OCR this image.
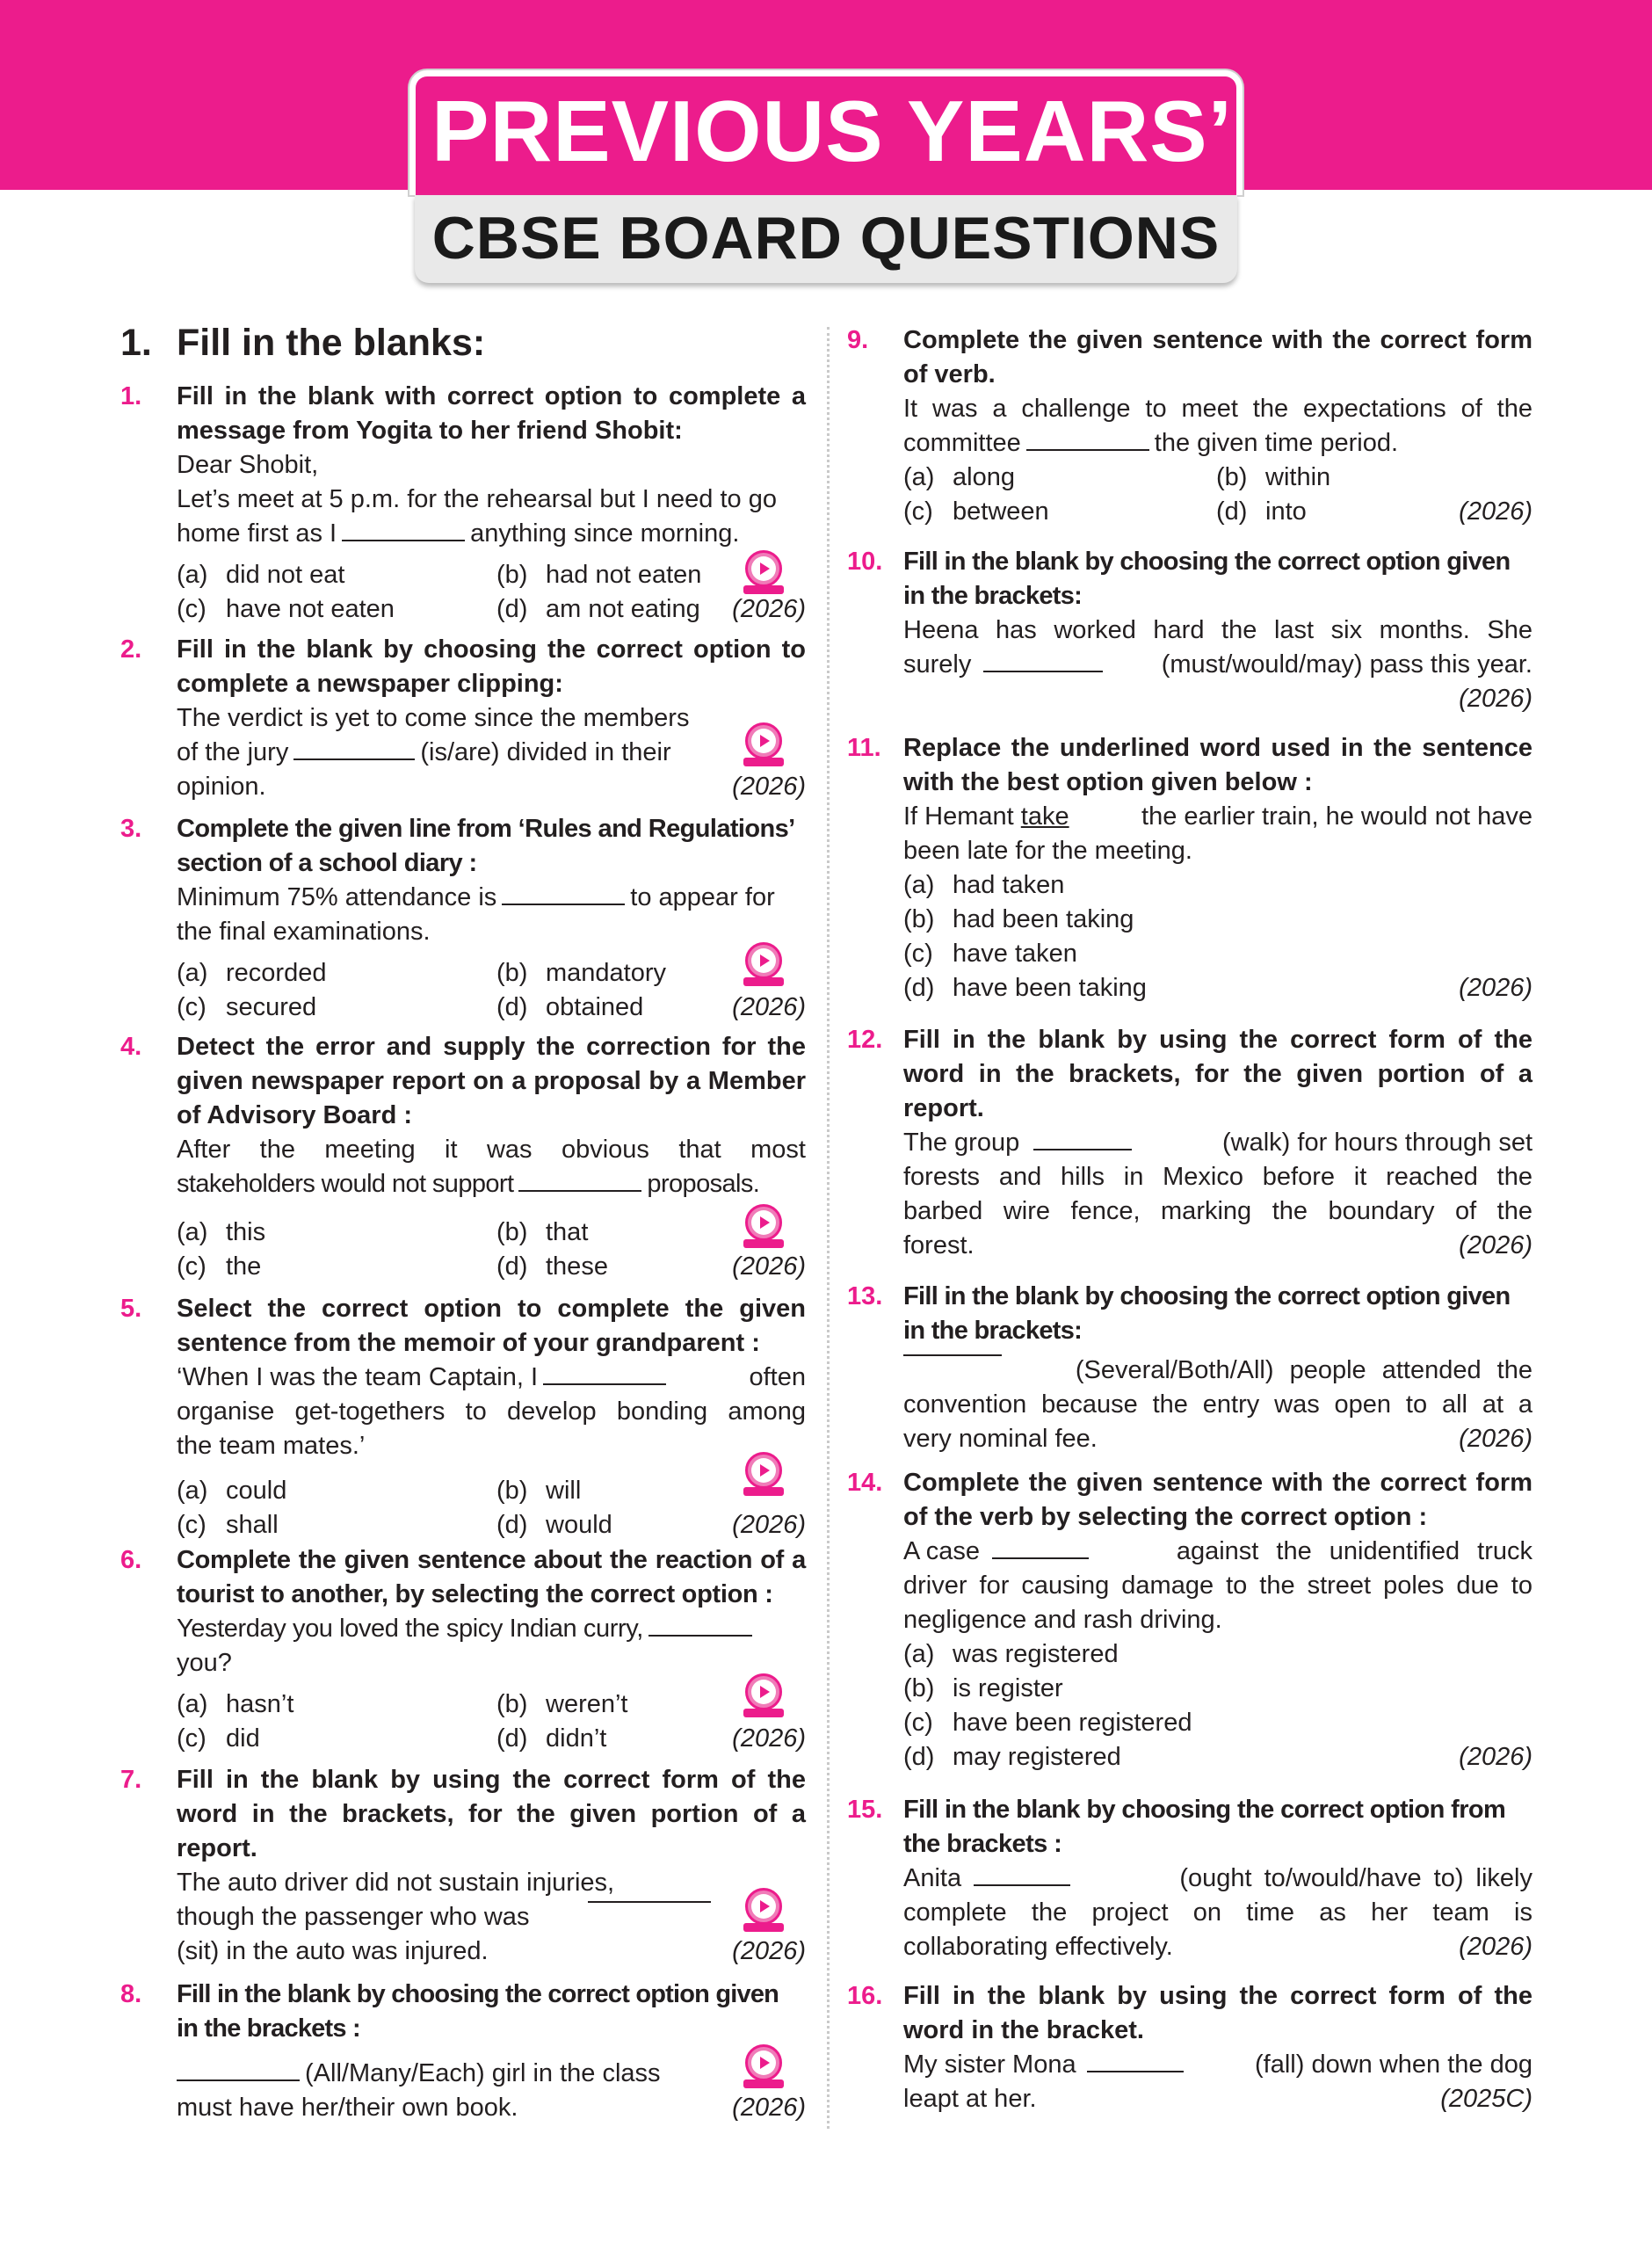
PREVIOUS YEARS’
CBSE BOARD QUESTIONS
1. Fill in the blanks:
1. Fill in the blank with correct option to complete a message from Yogita to her friend Shobit:

Dear Shobit,

Let’s meet at 5 p.m. for the rehearsal but I need to go

home first as I	anything since morning.

(a) did not eat	(b) had not eaten
(c) have not eaten	(d) am not eating (2026)
2. Fill in the blank by choosing the correct option to complete a newspaper clipping:

The verdict is yet to come since the members

of the jury	(is/are) divided in their

opinion.	(2026)

3. Complete the given line from ‘Rules and Regulations’ section of a school diary :

Minimum 75% attendance is	to appear for

the final examinations.

(a) recorded	(b) mandatory
(c) secured	(d) obtained	(2026)
4. Detect the error and supply the correction for the given newspaper report on a proposal by a Member of Advisory Board :

After the meeting it was obvious that most

stakeholders would not support	proposals.

(a) this	(b) that
(c) the	(d) these	(2026)
5. Select the correct option to complete the given sentence from the memoir of your grandparent :

‘When I was the team Captain, I	often

organise get-togethers to develop bonding among

the team mates.’

(a) could	(b) will
(c) shall	(d) would	(2026)
6. Complete the given sentence about the reaction of a tourist to another, by selecting the correct option :

Yesterday you loved the spicy Indian curry,

you?

(a) hasn’t	(b) weren’t
(c) did	(d) didn’t	(2026)
7. Fill in the blank by using the correct form of the word in the brackets, for the given portion of a report.

The auto driver did not sustain injuries,

though the passenger who was

(sit) in the auto was injured.	(2026)

8. Fill in the blank by choosing the correct option given in the brackets :

(All/Many/Each) girl in the class

must have her/their own book.	(2026)

9. Complete the given sentence with the correct form of verb.

It was a challenge to meet the expectations of the

committee	the given time period.

(a) along	(b) within
(c) between	(d) into	(2026)
10. Fill in the blank by choosing the correct option given in the brackets:

Heena has worked hard the last six months. She

surely	(must/would/may) pass this year.

(2026)

11. Replace the underlined word used in the sentence with the best option given below :

If Hemant take	the earlier train, he would not have

been late for the meeting.

(a) had taken

(b) had been taking

(c) have taken

(d) have been taking	(2026)

12. Fill in the blank by using the correct form of the word in the brackets, for the given portion of a report.

The group	(walk) for hours through set

forests and hills in Mexico before it reached the

barbed wire fence, marking the boundary of the

forest.	(2026)

13. Fill in the blank by choosing the correct option given in the brackets:

(Several/Both/All) people attended the

convention because the entry was open to all at a

very nominal fee.	(2026)

14. Complete the given sentence with the correct form of the verb by selecting the correct option :

A case	against the unidentified truck

driver for causing damage to the street poles due to

negligence and rash driving.

(a) was registered

(b) is register

(c) have been registered

(d) may registered	(2026)

15. Fill in the blank by choosing the correct option from the brackets :

Anita	(ought to/would/have to) likely

complete the project on time as her team is

collaborating effectively.	(2026)

16. Fill in the blank by using the correct form of the word in the bracket.

My sister Mona	(fall) down when the dog

leapt at her.	(2025C)
